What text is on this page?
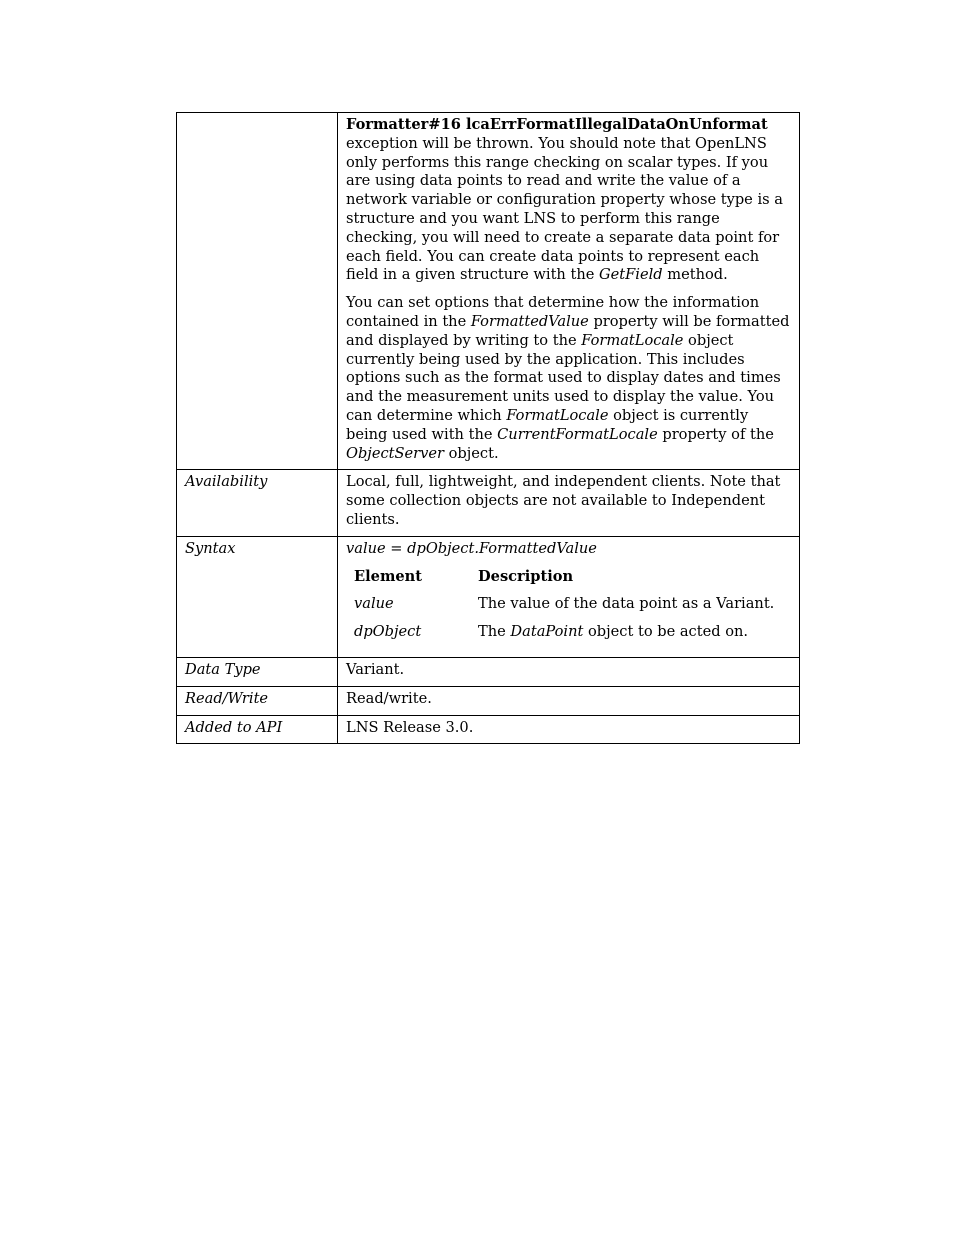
Formatter#16 lcaErrFormatIllegalDataOnUnformat exception will be thrown. You should note that OpenLNS only performs this range checking on scalar types. If you are using data points to read and write the value of a network variable or configuration property whose type is a structure and you want LNS to perform this range checking, you will need to create a separate data point for each field. You can create data points to represent each field in a given structure with the GetField method.

You can set options that determine how the information contained in the FormattedValue property will be formatted and displayed by writing to the FormatLocale object currently being used by the application. This includes options such as the format used to display dates and times and the measurement units used to display the value. You can determine which FormatLocale object is currently being used with the CurrentFormatLocale property of the ObjectServer object.

Availability	Local, full, lightweight, and independent clients. Note that some collection objects are not available to Independent clients.

Syntax	value = dpObject.FormattedValue

Element	Description
value	The value of the data point as a Variant.
dpObject	The DataPoint object to be acted on.

Data Type	Variant.

Read/Write	Read/write.

Added to API	LNS Release 3.0.
